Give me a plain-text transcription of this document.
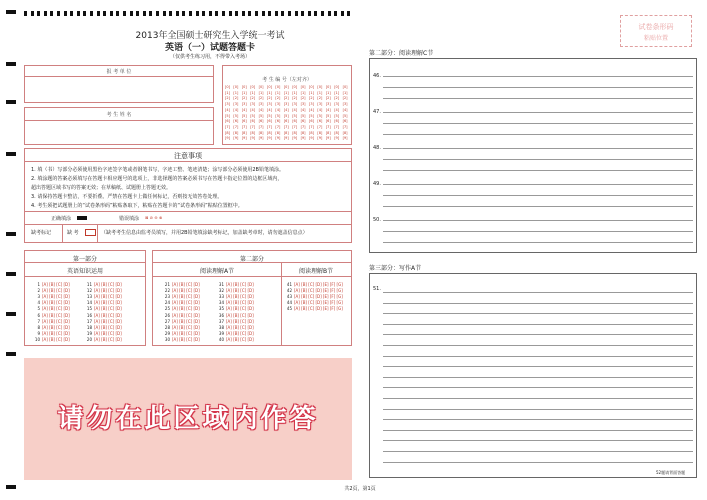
2013年全国硕士研究生入学统一考试
英语（一）试题答题卡
（仅供考生练习用，不得带入考场）
试卷条形码
粘贴位置
报 考 单 位
考 生 姓 名
考 生 编 号（左对齐）
[0] [0] [0] [0] [0] [0] [0] [0] [0] [0] [0] [0] [0] [0] [0]
[1] [1] [1] [1] [1] [1] [1] [1] [1] [1] [1] [1] [1] [1] [1]
[2] [2] [2] [2] [2] [2] [2] [2] [2] [2] [2] [2] [2] [2] [2]
[3] [3] [3] [3] [3] [3] [3] [3] [3] [3] [3] [3] [3] [3] [3]
[4] [4] [4] [4] [4] [4] [4] [4] [4] [4] [4] [4] [4] [4] [4]
[5] [5] [5] [5] [5] [5] [5] [5] [5] [5] [5] [5] [5] [5] [5]
[6] [6] [6] [6] [6] [6] [6] [6] [6] [6] [6] [6] [6] [6] [6]
[7] [7] [7] [7] [7] [7] [7] [7] [7] [7] [7] [7] [7] [7] [7]
[8] [8] [8] [8] [8] [8] [8] [8] [8] [8] [8] [8] [8] [8] [8]
[9] [9] [9] [9] [9] [9] [9] [9] [9] [9] [9] [9] [9] [9] [9]
注意事项
1. 填（书）写部分必须使用黑色字迹签字笔或者钢笔书写，字迹工整、笔迹清楚；涂写部分必须使用2B铅笔填涂。
2. 填涂题的答案必须填写在答题卡相应题号的选项上，非选择题的答案必须书写在答题卡指定位置的边框区域内，
超出答题区域书写的答案无效；在草稿纸、试题册上答题无效。
3. 请保持答题卡整洁，不要折叠。严禁在答题卡上做任何标记，否则按无效答卷处理。
4. 考生须把试题册上的“试卷条形码”粘贴条取下，粘贴在答题卡的“试卷条形码”粘贴位置框中。
正确填涂	错误填涂 ⊠ ⊘ ⊖ ⊗
缺考标记	缺 考	（缺考考生信息由监考员填写，并用2B铅笔填涂缺考标记，加盖缺考章时，请勿遮盖信息点）
第一部分
英语知识运用
1 [A] [B] [C] [D]
2 [A] [B] [C] [D]
3 [A] [B] [C] [D]
4 [A] [B] [C] [D]
5 [A] [B] [C] [D]
6 [A] [B] [C] [D]
7 [A] [B] [C] [D]
8 [A] [B] [C] [D]
9 [A] [B] [C] [D]
10 [A] [B] [C] [D]
11 [A] [B] [C] [D]
12 [A] [B] [C] [D]
13 [A] [B] [C] [D]
14 [A] [B] [C] [D]
15 [A] [B] [C] [D]
16 [A] [B] [C] [D]
17 [A] [B] [C] [D]
18 [A] [B] [C] [D]
19 [A] [B] [C] [D]
20 [A] [B] [C] [D]
第二部分
阅读理解A节	阅读理解B节
21 [A] [B] [C] [D]
22 [A] [B] [C] [D]
23 [A] [B] [C] [D]
24 [A] [B] [C] [D]
25 [A] [B] [C] [D]
26 [A] [B] [C] [D]
27 [A] [B] [C] [D]
28 [A] [B] [C] [D]
29 [A] [B] [C] [D]
30 [A] [B] [C] [D]
31 [A] [B] [C] [D]
32 [A] [B] [C] [D]
33 [A] [B] [C] [D]
34 [A] [B] [C] [D]
35 [A] [B] [C] [D]
36 [A] [B] [C] [D]
37 [A] [B] [C] [D]
38 [A] [B] [C] [D]
39 [A] [B] [C] [D]
40 [A] [B] [C] [D]
41 [A] [B] [C] [D] [E] [F] [G]
42 [A] [B] [C] [D] [E] [F] [G]
43 [A] [B] [C] [D] [E] [F] [G]
44 [A] [B] [C] [D] [E] [F] [G]
45 [A] [B] [C] [D] [E] [F] [G]
请勿在此区域内作答
第二部分：阅读理解C节
第三部分：写作A节
51.
52题请背面答题
共2页，第1页
46.
47.
48.
49.
50.
